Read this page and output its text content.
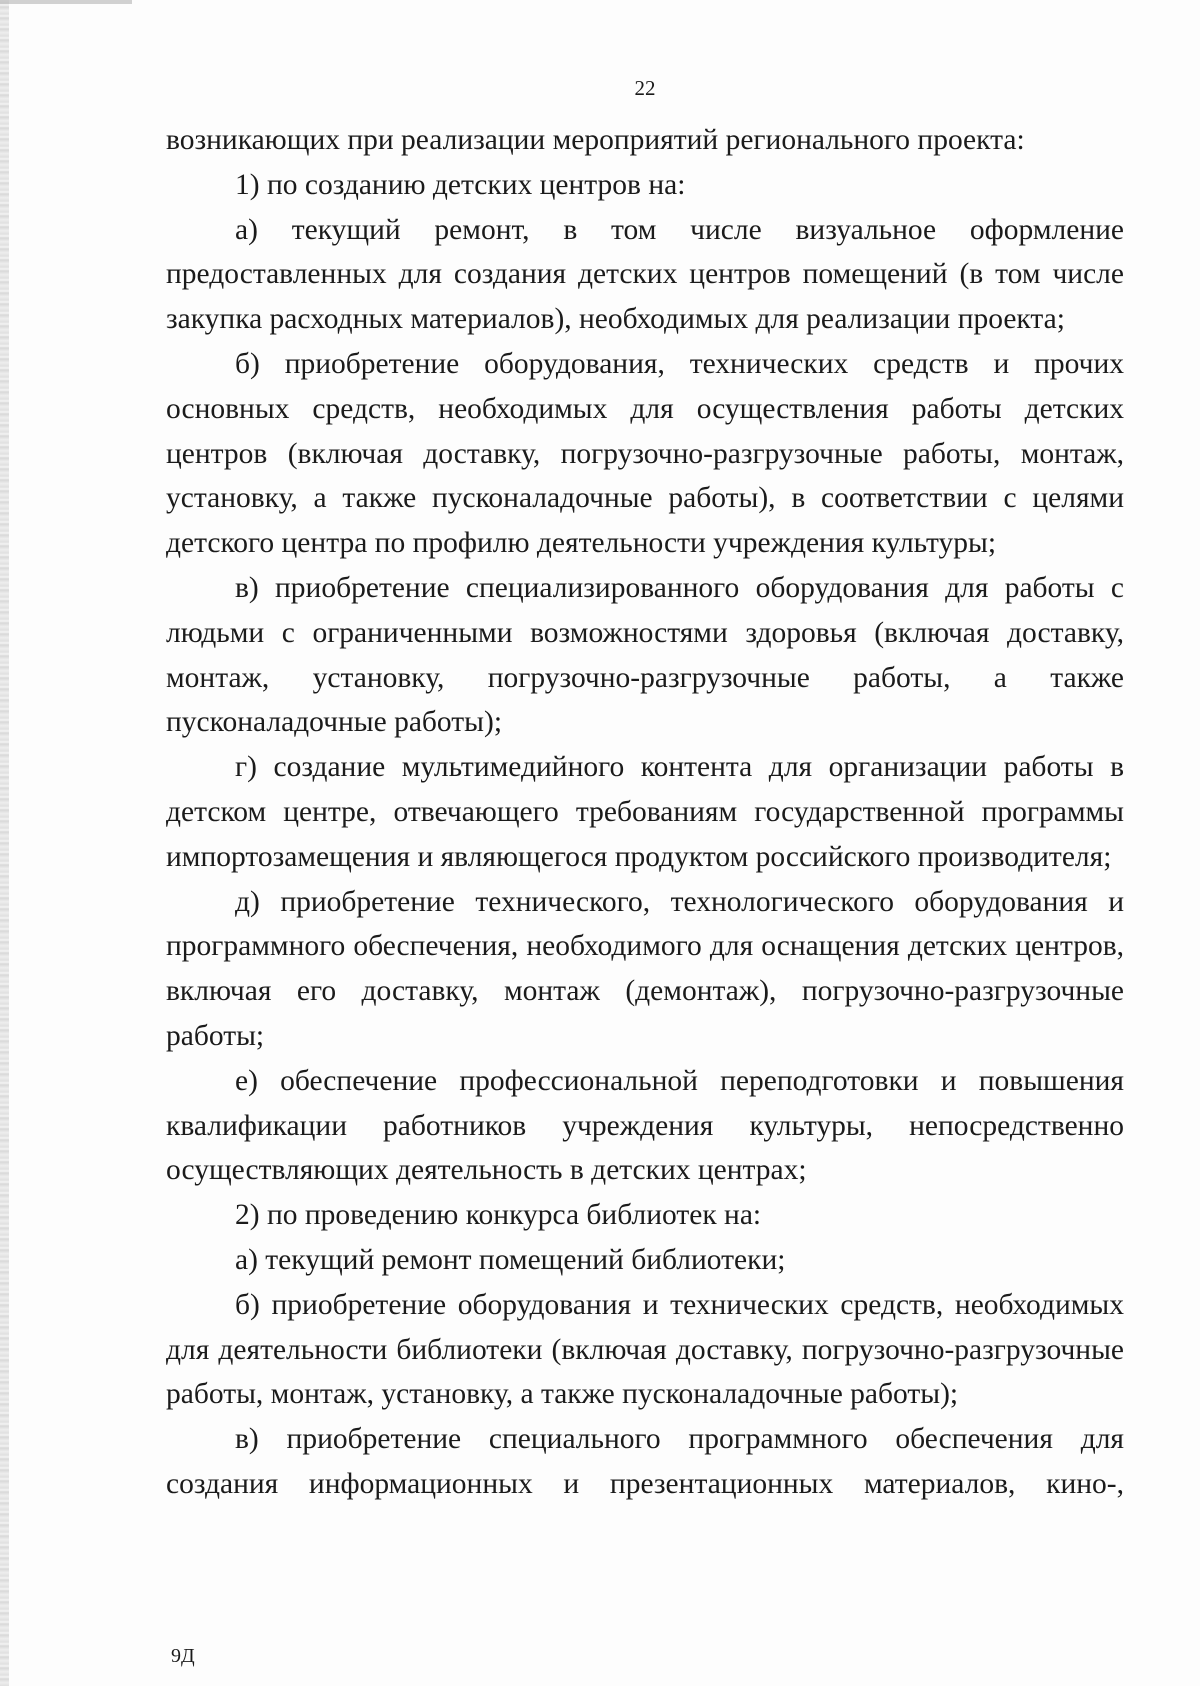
22

возникающих при реализации мероприятий регионального проекта:

1) по созданию детских центров на:

а) текущий ремонт, в том числе визуальное оформление предоставленных для создания детских центров помещений (в том числе закупка расходных материалов), необходимых для реализации проекта;

б) приобретение оборудования, технических средств и прочих основных средств, необходимых для осуществления работы детских центров (включая доставку, погрузочно-разгрузочные работы, монтаж, установку, а также пусконаладочные работы), в соответствии с целями детского центра по профилю деятельности учреждения культуры;

в) приобретение специализированного оборудования для работы с людьми с ограниченными возможностями здоровья (включая доставку, монтаж, установку, погрузочно-разгрузочные работы, а также пусконаладочные работы);

г) создание мультимедийного контента для организации работы в детском центре, отвечающего требованиям государственной программы импортозамещения и являющегося продуктом российского производителя;

д) приобретение технического, технологического оборудования и программного обеспечения, необходимого для оснащения детских центров, включая его доставку, монтаж (демонтаж), погрузочно-разгрузочные работы;

е) обеспечение профессиональной переподготовки и повышения квалификации работников учреждения культуры, непосредственно осуществляющих деятельность в детских центрах;

2) по проведению конкурса библиотек на:

а) текущий ремонт помещений библиотеки;

б) приобретение оборудования и технических средств, необходимых для деятельности библиотеки (включая доставку, погрузочно-разгрузочные работы, монтаж, установку, а также пусконаладочные работы);

в) приобретение специального программного обеспечения для создания информационных и презентационных материалов, кино-,

9Д
